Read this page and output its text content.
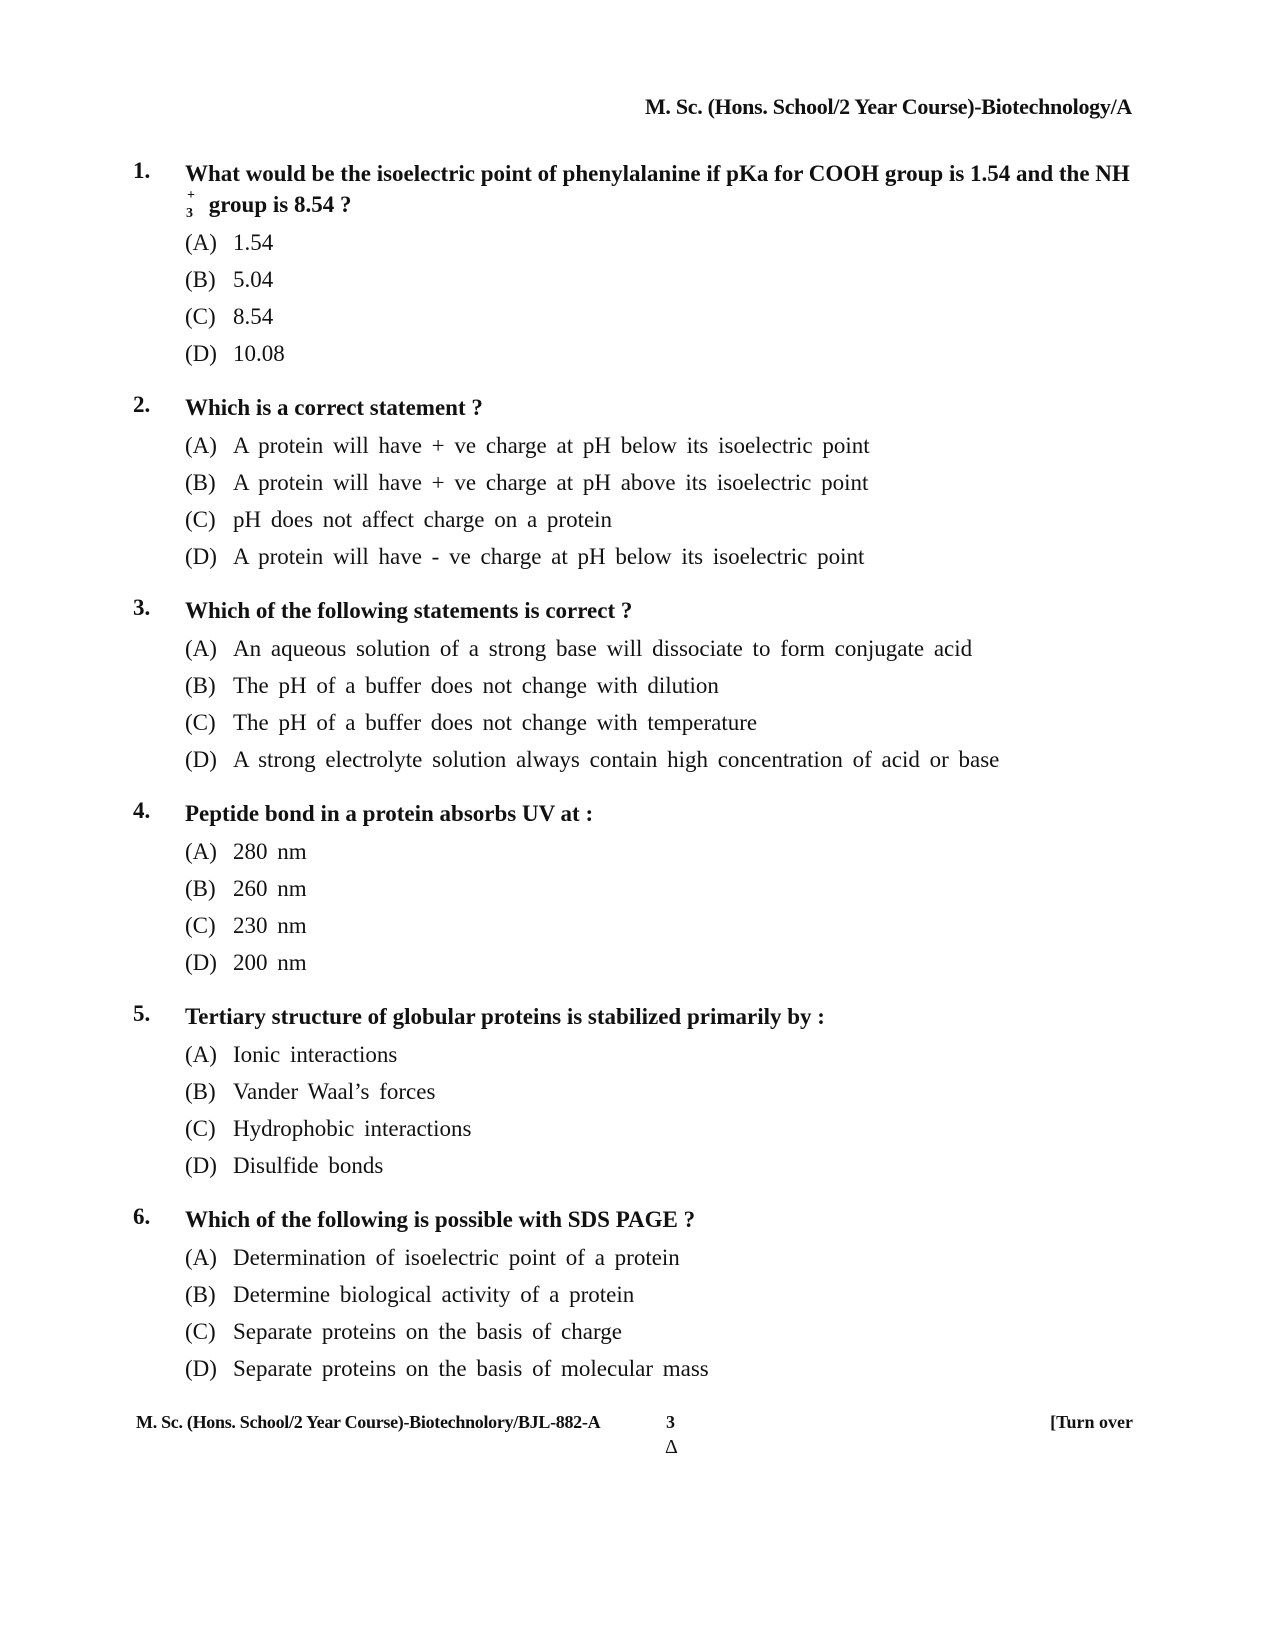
M. Sc. (Hons. School/2 Year Course)-Biotechnology/A
1. What would be the isoelectric point of phenylalanine if pKa for COOH group is 1.54 and the NH
+
3 group is 8.54 ?
(A) 1.54
(B) 5.04
(C) 8.54
(D) 10.08
2. Which is a correct statement ?
(A) A protein will have + ve charge at pH below its isoelectric point
(B) A protein will have + ve charge at pH above its isoelectric point
(C) pH does not affect charge on a protein
(D) A protein will have - ve charge at pH below its isoelectric point
3. Which of the following statements is correct ?
(A) An aqueous solution of a strong base will dissociate to form conjugate acid
(B) The pH of a buffer does not change with dilution
(C) The pH of a buffer does not change with temperature
(D) A strong electrolyte solution always contain high concentration of acid or base
4. Peptide bond in a protein absorbs UV at :
(A) 280 nm
(B) 260 nm
(C) 230 nm
(D) 200 nm
5. Tertiary structure of globular proteins is stabilized primarily by :
(A) Ionic interactions
(B) Vander Waal’s forces
(C) Hydrophobic interactions
(D) Disulfide bonds
6. Which of the following is possible with SDS PAGE ?
(A) Determination of isoelectric point of a protein
(B) Determine biological activity of a protein
(C) Separate proteins on the basis of charge
(D) Separate proteins on the basis of molecular mass
M. Sc. (Hons. School/2 Year Course)-Biotechnolory/BJL-882-A	3
Δ
[Turn over
